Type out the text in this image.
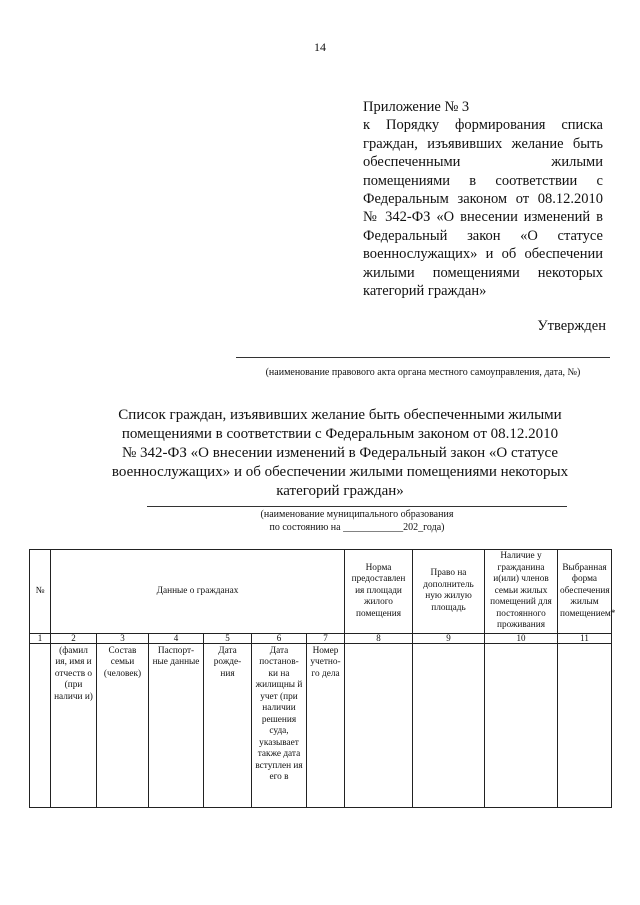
14
Приложение № 3
к Порядку формирования списка
граждан, изъявивших желание быть
обеспеченными жилыми
помещениями в соответствии с
Федеральным законом от 08.12.2010
№ 342-ФЗ «О внесении изменений в
Федеральный закон «О статусе
военнослужащих» и об обеспечении
жилыми помещениями некоторых
категорий граждан»
Утвержден
(наименование правового акта органа местного самоуправления, дата, №)
Список граждан, изъявивших желание быть обеспеченными жилыми
помещениями в соответствии с Федеральным законом от 08.12.2010
№ 342-ФЗ «О внесении изменений в Федеральный закон «О статусе
военнослужащих» и об обеспечении жилыми помещениями некоторых
категорий граждан»
(наименование муниципального образования
по состоянию на ____________202_года)
№	Данные о гражданах						Норма предоставлен ия площади жилого помещения	Право на дополнитель ную жилую площадь	Наличие у гражданина и(или) членов семьи жилых помещений для постоянного проживания	Выбранная форма обеспечения жилым помещением*
1	2	3	4	5	6	7	8	9	10	11
	(фамил ия, имя и отчеств о (при наличи и)	Состав семьи (человек)	Паспорт- ные данные	Дата рожде- ния	Дата постанов- ки на жилищны й учет (при наличии решения суда, указывает также дата вступлен ия его в	Номер учетно- го дела				
